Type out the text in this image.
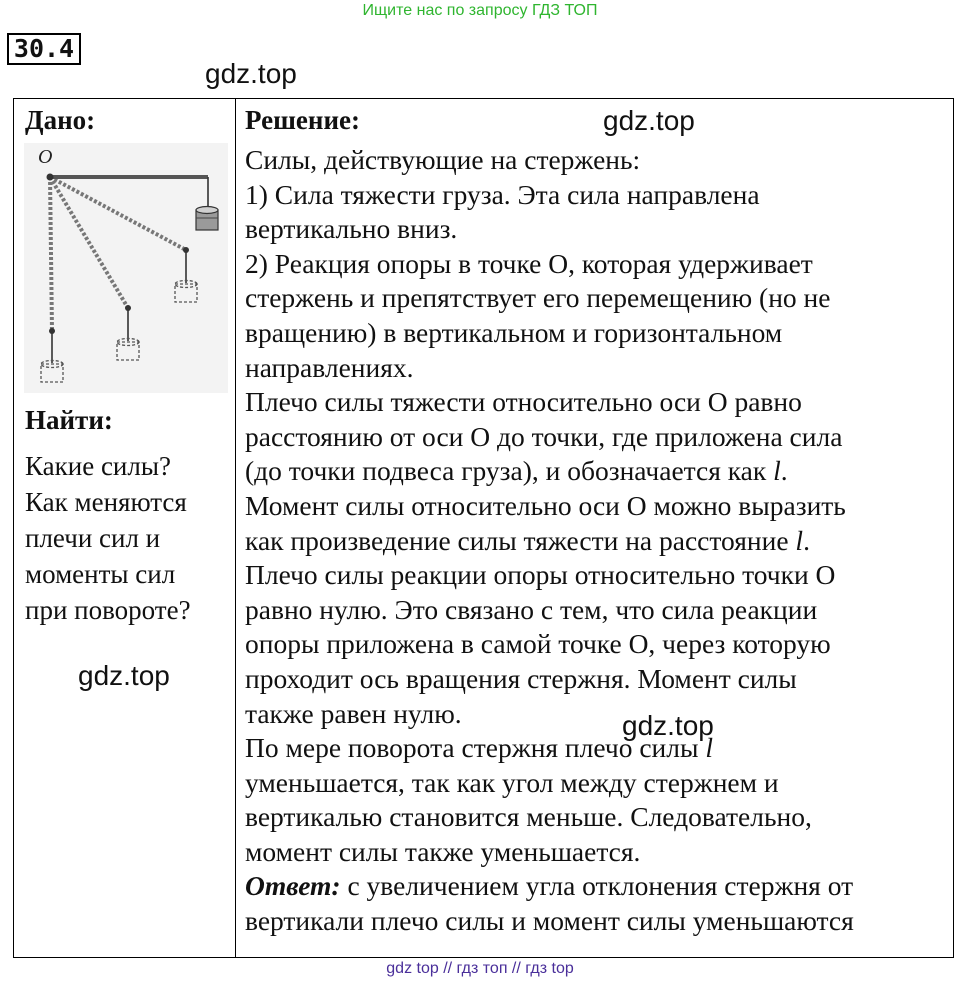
Ищите нас по запросу ГДЗ ТОП
30.4
gdz.top
Дано:
O
Найти:
Какие силы?
Как меняются
плечи сил и
моменты сил
при повороте?
gdz.top
Решение:	gdz.top
Силы, действующие на стержень:
1) Сила тяжести груза. Эта сила направлена
вертикально вниз.
2) Реакция опоры в точке О, которая удерживает
стержень и препятствует его перемещению (но не
вращению) в вертикальном и горизонтальном
направлениях.
Плечо силы тяжести относительно оси О равно
расстоянию от оси О до точки, где приложена сила
(до точки подвеса груза), и обозначается как l.
Момент силы относительно оси О можно выразить
как произведение силы тяжести на расстояние l.
Плечо силы реакции опоры относительно точки О
равно нулю. Это связано с тем, что сила реакции
опоры приложена в самой точке О, через которую
проходит ось вращения стержня. Момент силы
также равен нулю.
По мере поворота стержня плечо силы l
уменьшается, так как угол между стержнем и
вертикалью становится меньше. Следовательно,
момент силы также уменьшается.
Ответ: с увеличением угла отклонения стержня от
вертикали плечо силы и момент силы уменьшаются
gdz.top
gdz top // гдз топ // гдз top
